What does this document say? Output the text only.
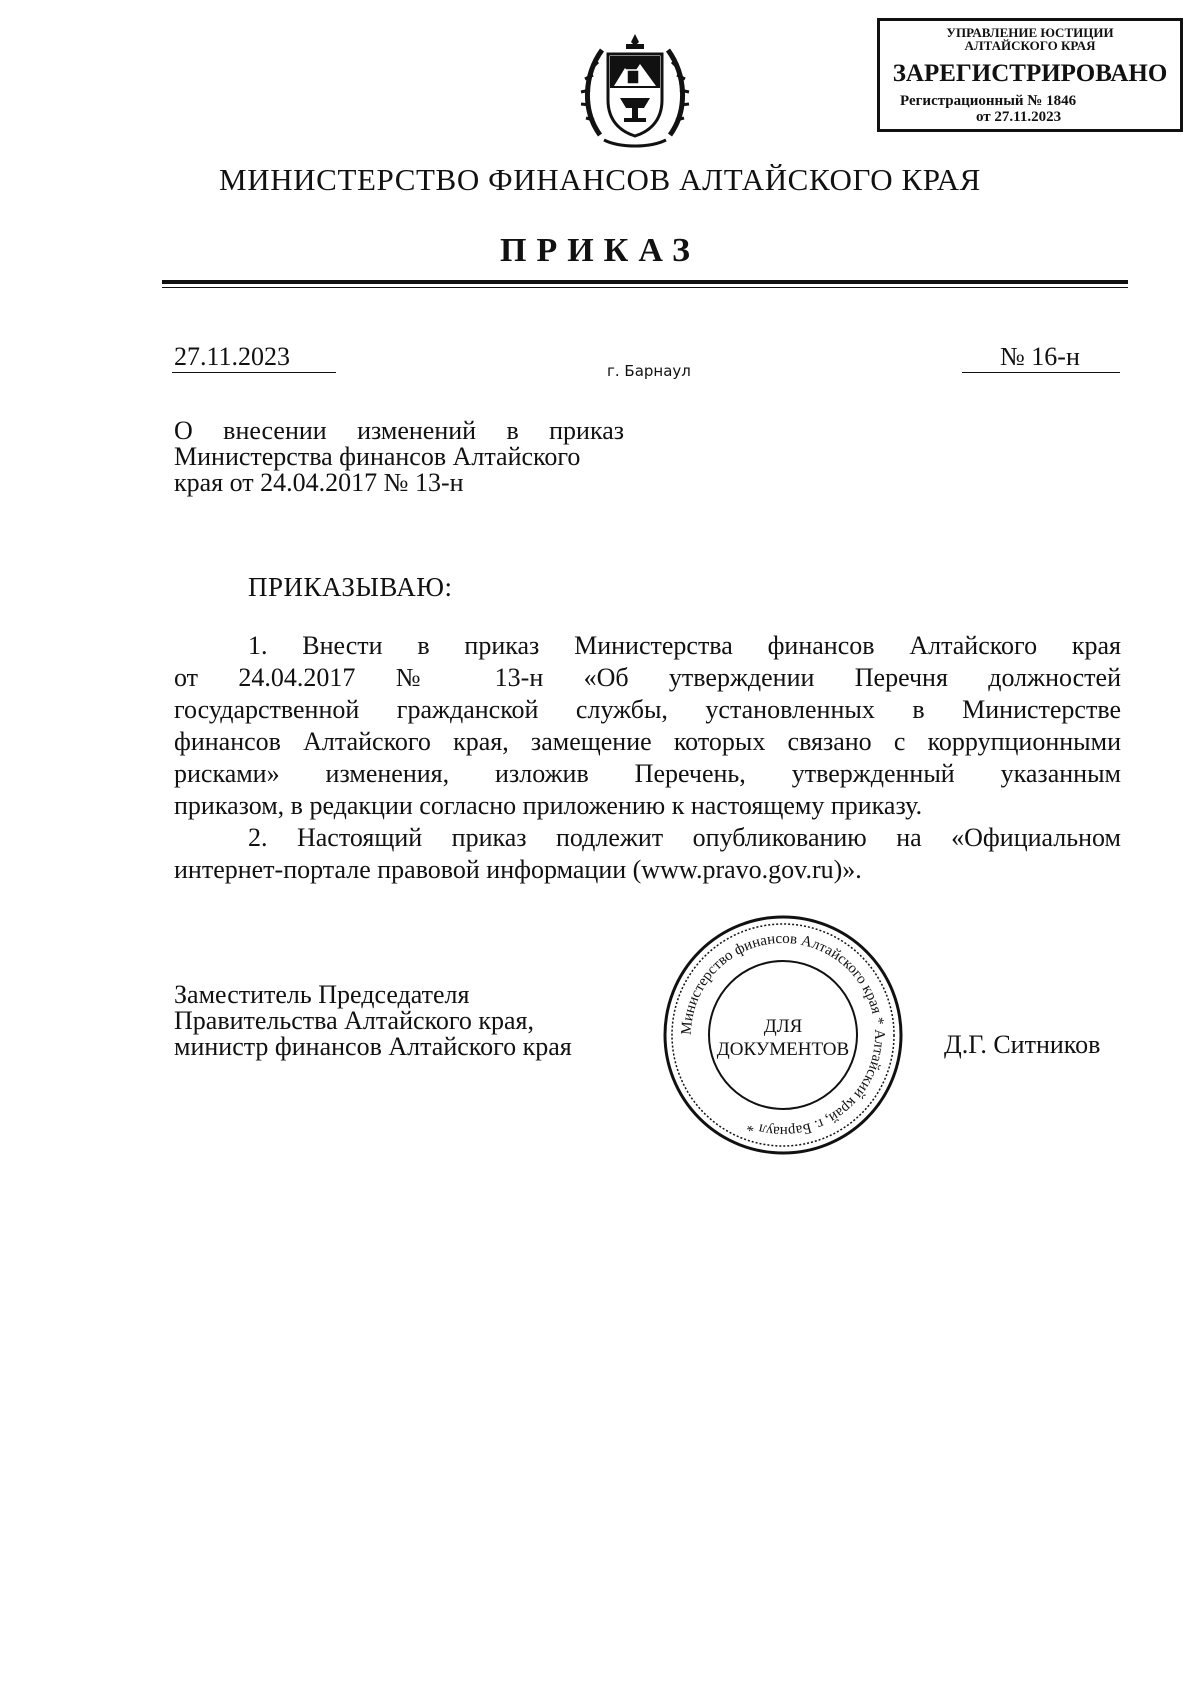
УПРАВЛЕНИЕ ЮСТИЦИИ
АЛТАЙСКОГО КРАЯ
ЗАРЕГИСТРИРОВАНО
Регистрационный № 1846
от 27.11.2023
МИНИСТЕРСТВО ФИНАНСОВ АЛТАЙСКОГО КРАЯ
ПРИКАЗ
27.11.2023	г. Барнаул	№ 16-н
О внесении изменений в приказ
Министерства финансов Алтайского
края от 24.04.2017 № 13-н
ПРИКАЗЫВАЮ:
1. Внести в приказ Министерства финансов Алтайского края
от 24.04.2017 № 13-н «Об утверждении Перечня должностей
государственной гражданской службы, установленных в Министерстве
финансов Алтайского края, замещение которых связано с коррупционными
рисками» изменения, изложив Перечень, утвержденный указанным
приказом, в редакции согласно приложению к настоящему приказу.
2. Настоящий приказ подлежит опубликованию на «Официальном
интернет-портале правовой информации (www.pravo.gov.ru)».
Заместитель Председателя
Правительства Алтайского края,
министр финансов Алтайского края	Д.Г. Ситников
Министерство финансов Алтайского края * Алтайский край, г. Барнаул *
ДЛЯ
ДОКУМЕНТОВ
